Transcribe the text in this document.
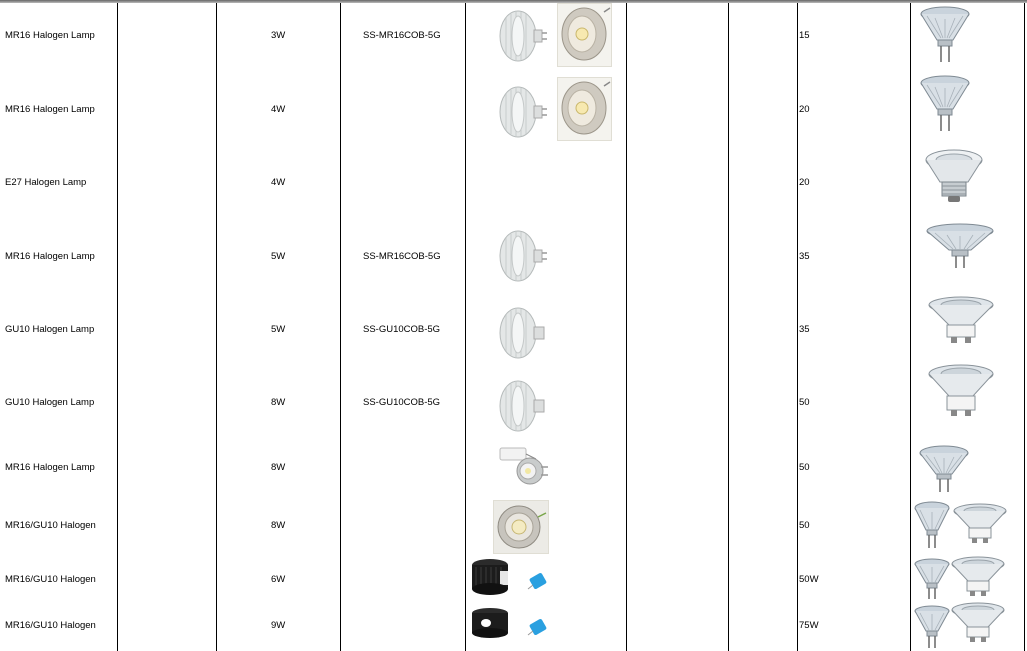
MR16 Halogen Lamp	3W	SS-MR16COB-5G	15
MR16 Halogen Lamp	4W	20
E27 Halogen Lamp	4W	20
MR16 Halogen Lamp	5W	SS-MR16COB-5G	35
GU10 Halogen Lamp	5W	SS-GU10COB-5G	35
GU10 Halogen Lamp	8W	SS-GU10COB-5G	50
MR16 Halogen Lamp	8W	50
MR16/GU10 Halogen	8W	50
MR16/GU10 Halogen	6W	50W
MR16/GU10 Halogen	9W	75W
